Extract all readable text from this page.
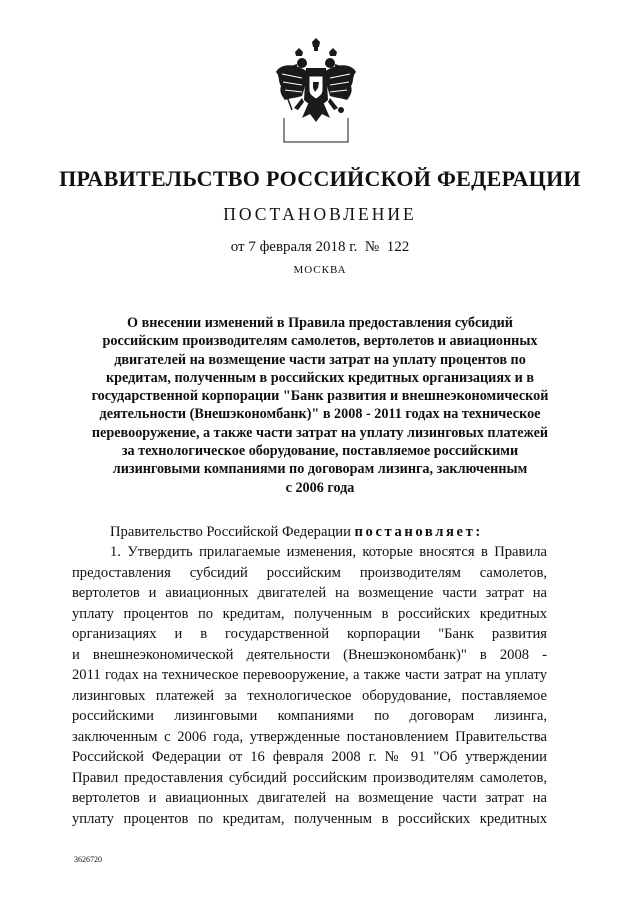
ПРАВИТЕЛЬСТВО РОССИЙСКОЙ ФЕДЕРАЦИИ
ПОСТАНОВЛЕНИЕ
от 7 февраля 2018 г.  №  122
МОСКВА
О внесении изменений в Правила предоставления субсидий
российским производителям самолетов, вертолетов и авиационных
двигателей на возмещение части затрат на уплату процентов по
кредитам, полученным в российских кредитных организациях и в
государственной корпорации "Банк развития и внешнеэкономической
деятельности (Внешэкономбанк)" в 2008 - 2011 годах на техническое
перевооружение, а также части затрат на уплату лизинговых платежей
за технологическое оборудование, поставляемое российскими
лизинговыми компаниями по договорам лизинга, заключенным
с 2006 года
Правительство Российской Федерации постановляет:
1. Утвердить прилагаемые изменения, которые вносятся в Правила
предоставления субсидий российским производителям самолетов,
вертолетов и авиационных двигателей на возмещение части затрат на
уплату процентов по кредитам, полученным в российских кредитных
организациях и в государственной корпорации "Банк развития
и внешнеэкономической деятельности (Внешэкономбанк)" в 2008 -
2011 годах на техническое перевооружение, а также части затрат на уплату
лизинговых платежей за технологическое оборудование, поставляемое
российскими лизинговыми компаниями по договорам лизинга,
заключенным с 2006 года, утвержденные постановлением Правительства
Российской Федерации от 16 февраля 2008 г. № 91 "Об утверждении
Правил предоставления субсидий российским производителям самолетов,
вертолетов и авиационных двигателей на возмещение части затрат на
уплату процентов по кредитам, полученным в российских кредитных
3626720
